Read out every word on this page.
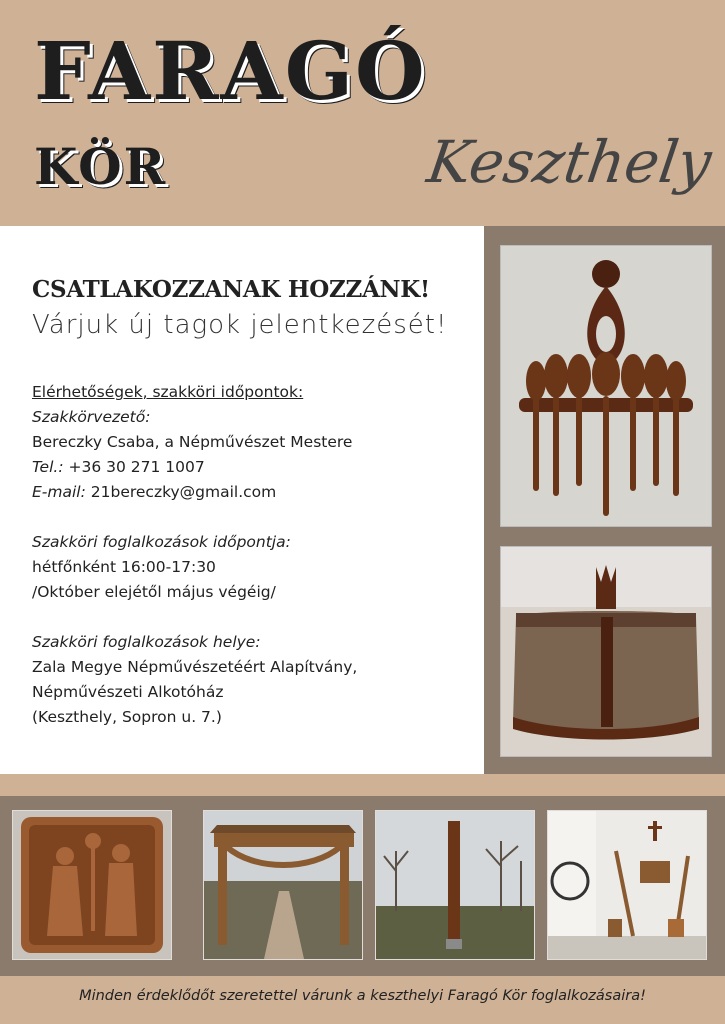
FARAGÓ
KÖR	Keszthely
CSATLAKOZZANAK HOZZÁNK!

Várjuk új tagok jelentkezését!

Elérhetőségek, szakköri időpontok:
Szakkörvezető:
Bereczky Csaba, a Népművészet Mestere
Tel.: +36 30 271 1007
E-mail: 21bereczky@gmail.com
Szakköri foglalkozások időpontja:
hétfőnként 16:00-17:30
/Október elejétől május végéig/
Szakköri foglalkozások helye:
Zala Megye Népművészetéért Alapítvány,
Népművészeti Alkotóház
(Keszthely, Sopron u. 7.)
Minden érdeklődőt szeretettel várunk a keszthelyi Faragó Kör foglalkozásaira!
